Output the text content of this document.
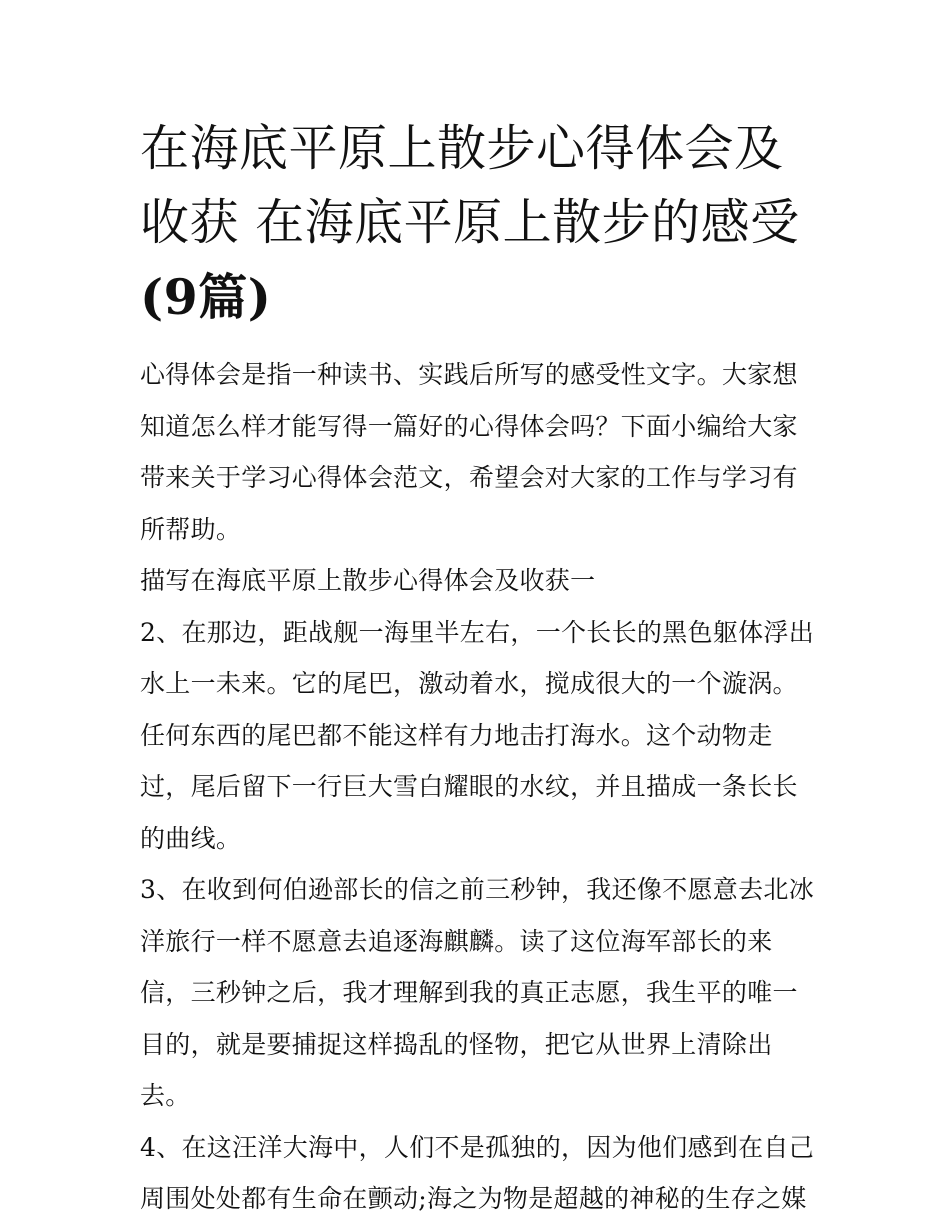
在海底平原上散步心得体会及收获 在海底平原上散步的感受(9篇)

心得体会是指一种读书、实践后所写的感受性文字。大家想知道怎么样才能写得一篇好的心得体会吗？下面小编给大家带来关于学习心得体会范文，希望会对大家的工作与学习有所帮助。

描写在海底平原上散步心得体会及收获一

2、在那边，距战舰一海里半左右，一个长长的黑色躯体浮出水上一未来。它的尾巴，激动着水，搅成很大的一个漩涡。任何东西的尾巴都不能这样有力地击打海水。这个动物走过，尾后留下一行巨大雪白耀眼的水纹，并且描成一条长长的曲线。

3、在收到何伯逊部长的信之前三秒钟，我还像不愿意去北冰洋旅行一样不愿意去追逐海麒麟。读了这位海军部长的来信，三秒钟之后，我才理解到我的真正志愿，我生平的唯一目的，就是要捕捉这样捣乱的怪物，把它从世界上清除出去。

4、在这汪洋大海中，人们不是孤独的，因为他们感到在自己周围处处都有生命在颤动;海之为物是超越的神秘的生存之媒
